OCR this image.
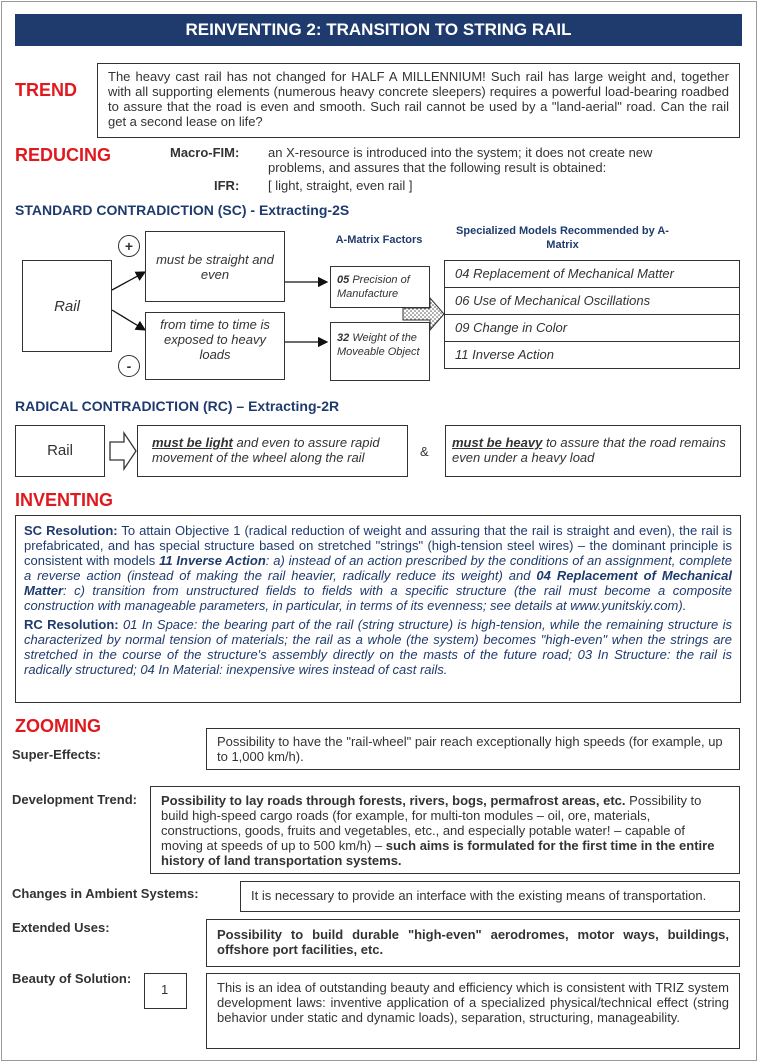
REINVENTING 2: TRANSITION TO STRING RAIL
TREND
The heavy cast rail has not changed for HALF A MILLENNIUM! Such rail has large weight and, together with all supporting elements (numerous heavy concrete sleepers) requires a powerful load-bearing roadbed to assure that the road is even and smooth. Such rail cannot be used by a "land-aerial" road. Can the rail get a second lease on life?
REDUCING	Macro-FIM: an X-resource is introduced into the system; it does not create new problems, and assures that the following result is obtained:
IFR: [ light, straight, even rail ]
STANDARD CONTRADICTION (SC) - Extracting-2S
Rail
+
-
must be straight and even
from time to time is exposed to heavy loads
A-Matrix Factors
05 Precision of Manufacture
32 Weight of the Moveable Object
Specialized Models Recommended by A-Matrix
04 Replacement of Mechanical Matter
06 Use of Mechanical Oscillations
09 Change in Color
11 Inverse Action
RADICAL CONTRADICTION (RC) – Extracting-2R
Rail	must be light and even to assure rapid movement of the wheel along the rail	&
must be heavy to assure that the road remains even under a heavy load
INVENTING
SC Resolution: To attain Objective 1 (radical reduction of weight and assuring that the rail is straight and even), the rail is prefabricated, and has special structure based on stretched "strings" (high-tension steel wires) – the dominant principle is consistent with models 11 Inverse Action: a) instead of an action prescribed by the conditions of an assignment, complete a reverse action (instead of making the rail heavier, radically reduce its weight) and 04 Replacement of Mechanical Matter: c) transition from unstructured fields to fields with a specific structure (the rail must become a composite construction with manageable parameters, in particular, in terms of its evenness; see details at www.yunitskiy.com).
RC Resolution: 01 In Space: the bearing part of the rail (string structure) is high-tension, while the remaining structure is characterized by normal tension of materials; the rail as a whole (the system) becomes "high-even" when the strings are stretched in the course of the structure's assembly directly on the masts of the future road; 03 In Structure: the rail is radically structured; 04 In Material: inexpensive wires instead of cast rails.
ZOOMING
Super-Effects:
Possibility to have the "rail-wheel" pair reach exceptionally high speeds (for example, up to 1,000 km/h).
Development Trend:	Possibility to lay roads through forests, rivers, bogs, permafrost areas, etc. Possibility to build high-speed cargo roads (for example, for multi-ton modules – oil, ore, materials, constructions, goods, fruits and vegetables, etc., and especially potable water! – capable of moving at speeds of up to 500 km/h) – such aims is formulated for the first time in the entire history of land transportation systems.
Changes in Ambient Systems:	It is necessary to provide an interface with the existing means of transportation.
Extended Uses:	Possibility to build durable "high-even" aerodromes, motor ways, buildings, offshore port facilities, etc.
Beauty of Solution:
1	This is an idea of outstanding beauty and efficiency which is consistent with TRIZ system development laws: inventive application of a specialized physical/technical effect (string behavior under static and dynamic loads), separation, structuring, manageability.
